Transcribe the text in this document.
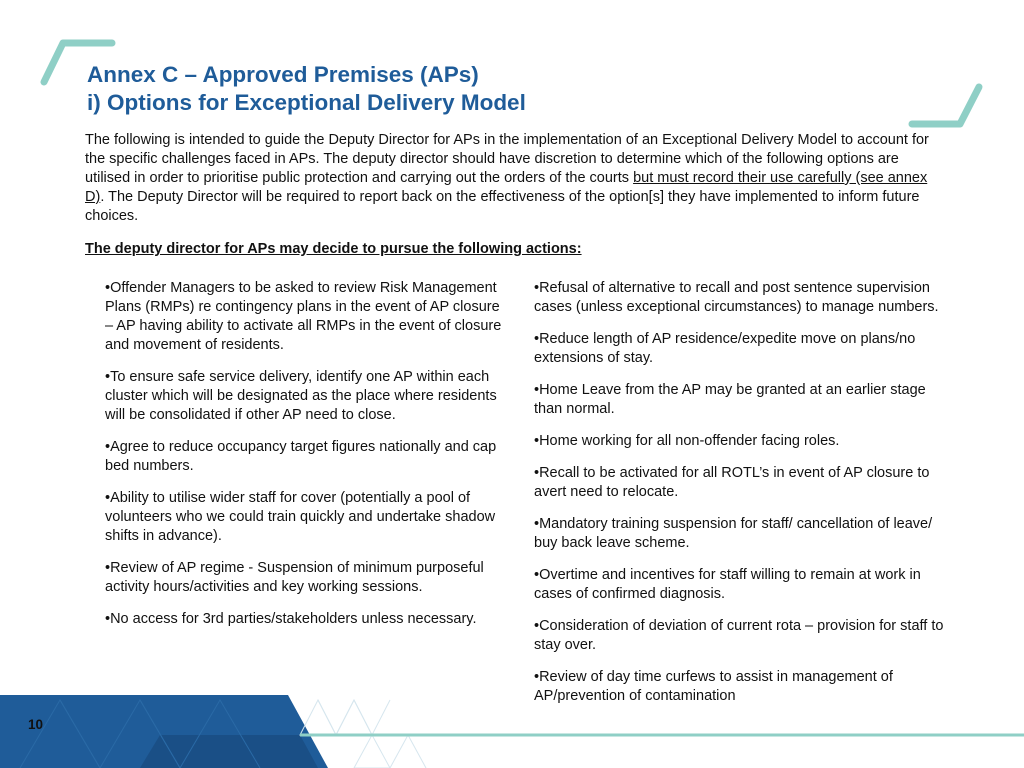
Annex C – Approved Premises (APs)
i) Options for Exceptional Delivery Model

The following is intended to guide the Deputy Director for APs in the implementation of an Exceptional Delivery Model to account for the specific challenges faced in APs. The deputy director should have discretion to determine which of the following options are utilised in order to prioritise public protection and carrying out the orders of the courts but must record their use carefully (see annex D). The Deputy Director will be required to report back on the effectiveness of the option[s] they have implemented to inform future choices.

The deputy director for APs may decide to pursue the following actions:

•Offender Managers to be asked to review Risk Management Plans (RMPs) re contingency plans in the event of AP closure – AP having ability to activate all RMPs in the event of closure and movement of residents.

•To ensure safe service delivery, identify one AP within each cluster which will be designated as the place where residents will be consolidated if other AP need to close.

•Agree to reduce occupancy target figures nationally and cap bed numbers.

•Ability to utilise wider staff for cover (potentially a pool of volunteers who we could train quickly and undertake shadow shifts in advance).

•Review of AP regime - Suspension of minimum purposeful activity hours/activities and key working sessions.

•No access for 3rd parties/stakeholders unless necessary.

•Refusal of alternative to recall and post sentence supervision cases (unless exceptional circumstances) to manage numbers.

•Reduce length of AP residence/expedite move on plans/no extensions of stay.

•Home Leave from the AP may be granted at an earlier stage than normal.

•Home working for all non-offender facing roles.

•Recall to be activated for all ROTL’s in event of AP closure to avert need to relocate.

•Mandatory training suspension for staff/ cancellation of leave/ buy back leave scheme.

•Overtime and incentives for staff willing to remain at work in cases of confirmed diagnosis.

•Consideration of deviation of current rota – provision for staff to stay over.

•Review of day time curfews to assist in management of AP/prevention of contamination

10
